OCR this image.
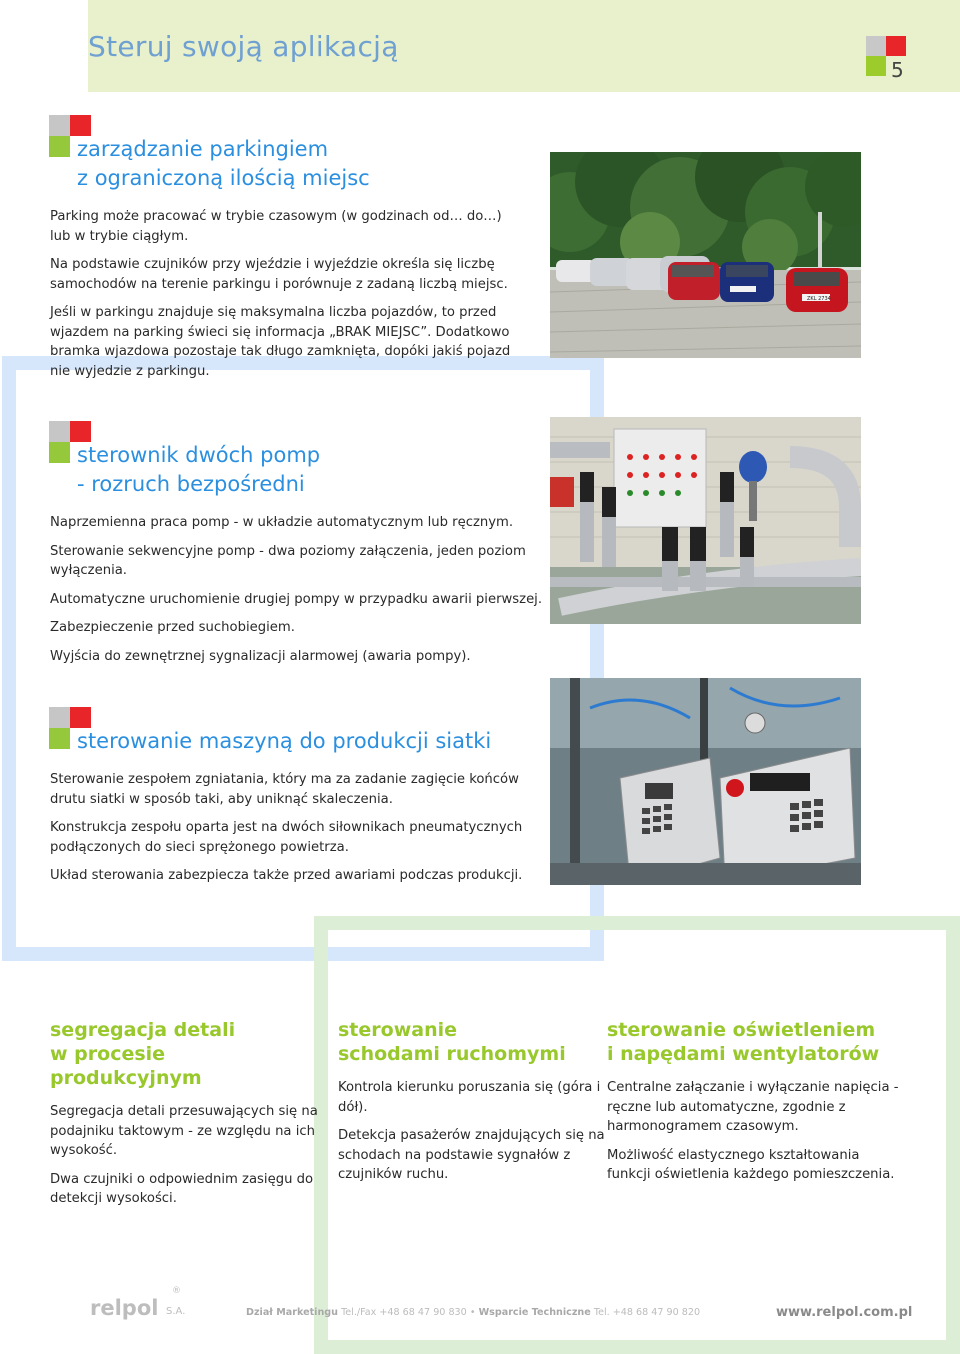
Steruj swoją aplikacją
5
zarządzanie parkingiem
z ograniczoną ilością miejsc

Parking może pracować w trybie czasowym (w godzinach od… do…) lub w trybie ciągłym.

Na podstawie czujników przy wjeździe i wyjeździe określa się liczbę samochodów na terenie parkingu i porównuje z zadaną liczbą miejsc.

Jeśli w parkingu znajduje się maksymalna liczba pojazdów, to przed wjazdem na parking świeci się informacja „BRAK MIEJSC”. Dodatkowo bramka wjazdowa pozostaje tak długo zamknięta, dopóki jakiś pojazd nie wyjedzie z parkingu.

ZKL 2734
sterownik dwóch pomp
- rozruch bezpośredni

Naprzemienna praca pomp - w układzie automatycznym lub ręcznym.

Sterowanie sekwencyjne pomp - dwa poziomy załączenia, jeden poziom wyłączenia.

Automatyczne uruchomienie drugiej pompy w przypadku awarii pierwszej.

Zabezpieczenie przed suchobiegiem.

Wyjścia do zewnętrznej sygnalizacji alarmowej (awaria pompy).

sterowanie maszyną do produkcji siatki

Sterowanie zespołem zgniatania, który ma za zadanie zagięcie końców drutu siatki w sposób taki, aby uniknąć skaleczenia.

Konstrukcja zespołu oparta jest na dwóch siłownikach pneumatycznych podłączonych do sieci sprężonego powietrza.

Układ sterowania zabezpiecza także przed awariami podczas produkcji.

segregacja detali
w procesie produkcyjnym

Segregacja detali przesuwających się na podajniku taktowym - ze względu na ich wysokość.

Dwa czujniki o odpowiednim zasięgu do detekcji wysokości.

sterowanie
schodami ruchomymi

Kontrola kierunku poruszania się (góra i dół).

Detekcja pasażerów znajdujących się na schodach na podstawie sygnałów z czujników ruchu.

sterowanie oświetleniem
i napędami wentylatorów

Centralne załączanie i wyłączanie napięcia - ręczne lub automatyczne, zgodnie z harmonogramem czasowym.

Możliwość elastycznego kształtowania funkcji oświetlenia każdego pomieszczenia.

relpol
®
S.A.	Dział Marketingu Tel./Fax +48 68 47 90 830 • Wsparcie Techniczne Tel. +48 68 47 90 820	www.relpol.com.pl
